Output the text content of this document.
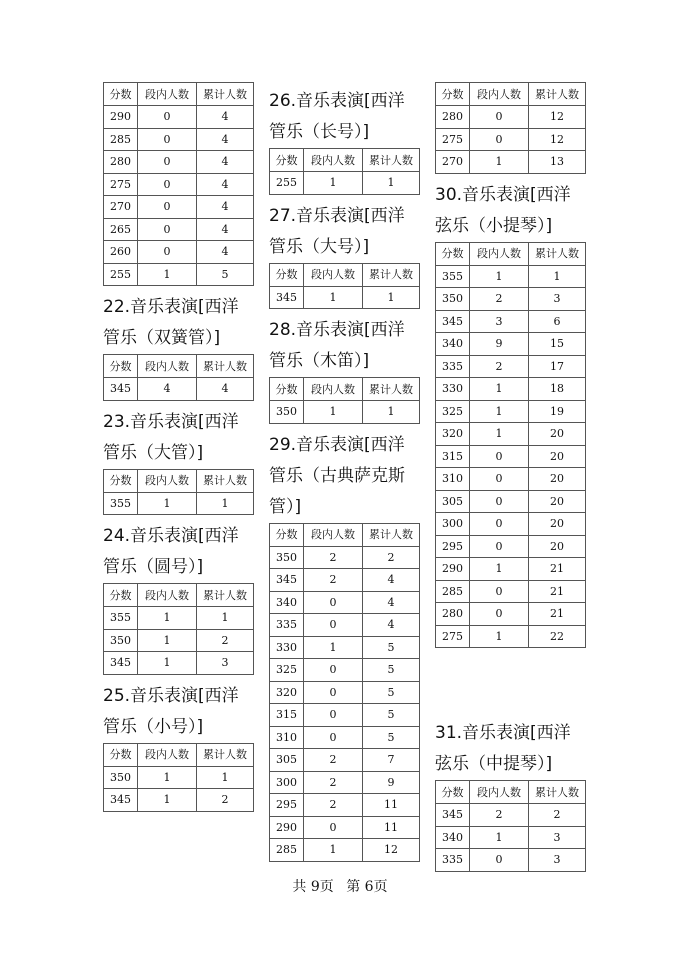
分数	段内人数	累计人数
290	0	4
285	0	4
280	0	4
275	0	4
270	0	4
265	0	4
260	0	4
255	1	5
22.音乐表演[西洋管乐（双簧管）]
分数	段内人数	累计人数
345	4	4
23.音乐表演[西洋管乐（大管）]
分数	段内人数	累计人数
355	1	1
24.音乐表演[西洋管乐（圆号）]
分数	段内人数	累计人数
355	1	1
350	1	2
345	1	3
25.音乐表演[西洋管乐（小号）]
分数	段内人数	累计人数
350	1	1
345	1	2
26.音乐表演[西洋管乐（长号）]
分数	段内人数	累计人数
255	1	1
27.音乐表演[西洋管乐（大号）]
分数	段内人数	累计人数
345	1	1
28.音乐表演[西洋管乐（木笛）]
分数	段内人数	累计人数
350	1	1
29.音乐表演[西洋管乐（古典萨克斯管）]
分数	段内人数	累计人数
350	2	2
345	2	4
340	0	4
335	0	4
330	1	5
325	0	5
320	0	5
315	0	5
310	0	5
305	2	7
300	2	9
295	2	11
290	0	11
285	1	12
分数	段内人数	累计人数
280	0	12
275	0	12
270	1	13
30.音乐表演[西洋弦乐（小提琴）]
分数	段内人数	累计人数
355	1	1
350	2	3
345	3	6
340	9	15
335	2	17
330	1	18
325	1	19
320	1	20
315	0	20
310	0	20
305	0	20
300	0	20
295	0	20
290	1	21
285	0	21
280	0	21
275	1	22
31.音乐表演[西洋弦乐（中提琴）]
分数	段内人数	累计人数
345	2	2
340	1	3
335	0	3
共 9页 第 6页
